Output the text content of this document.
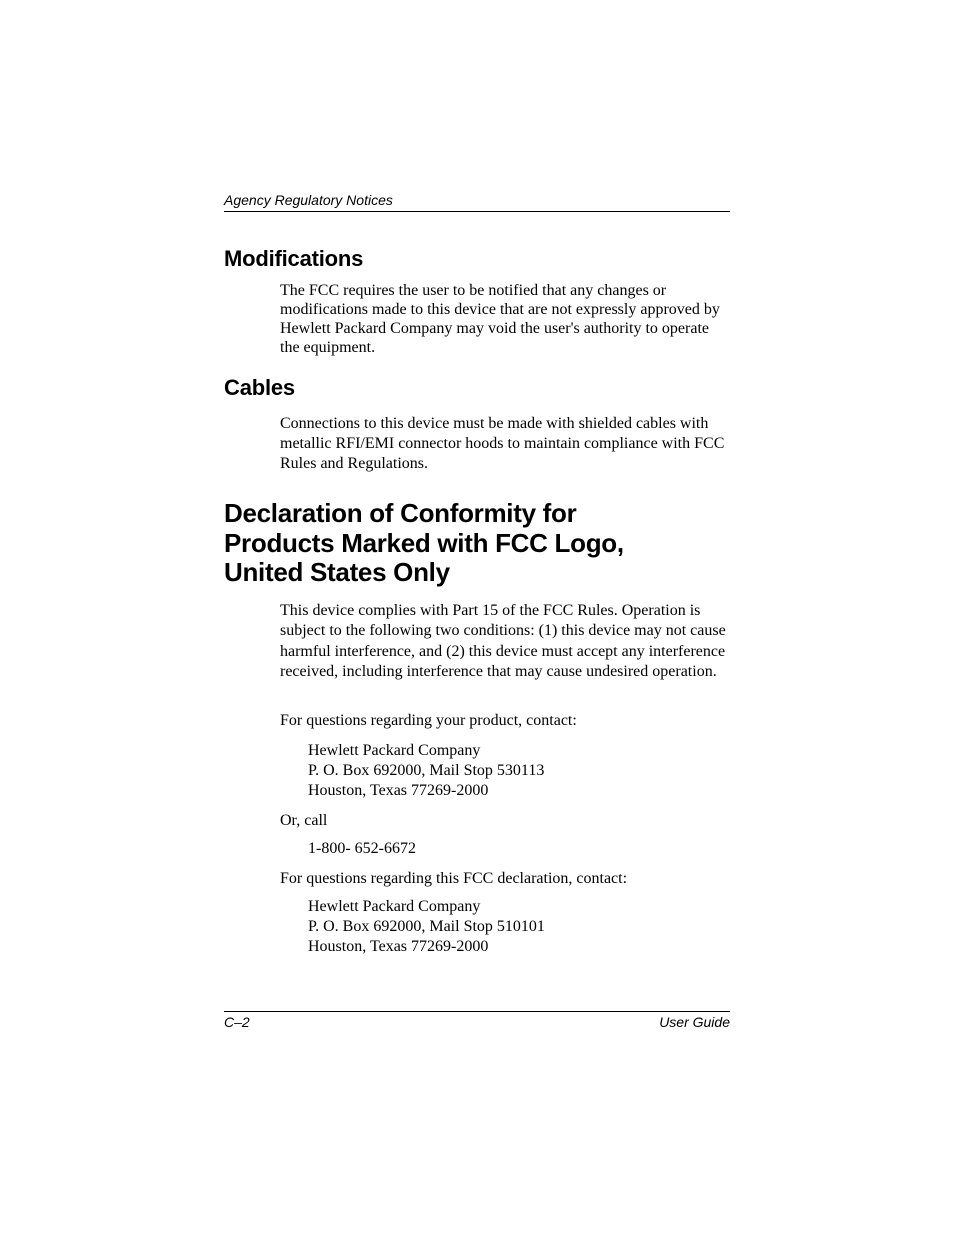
Agency Regulatory Notices
Modifications

The FCC requires the user to be notified that any changes or modifications made to this device that are not expressly approved by Hewlett Packard Company may void the user's authority to operate the equipment.

Cables

Connections to this device must be made with shielded cables with metallic RFI/EMI connector hoods to maintain compliance with FCC Rules and Regulations.

Declaration of Conformity for
Products Marked with FCC Logo,
United States Only

This device complies with Part 15 of the FCC Rules. Operation is subject to the following two conditions: (1) this device may not cause harmful interference, and (2) this device must accept any interference received, including interference that may cause undesired operation.

For questions regarding your product, contact:

Hewlett Packard Company
P. O. Box 692000, Mail Stop 530113
Houston, Texas 77269-2000

Or, call

1-800- 652-6672

For questions regarding this FCC declaration, contact:

Hewlett Packard Company
P. O. Box 692000, Mail Stop 510101
Houston, Texas 77269-2000
C–2	User Guide
